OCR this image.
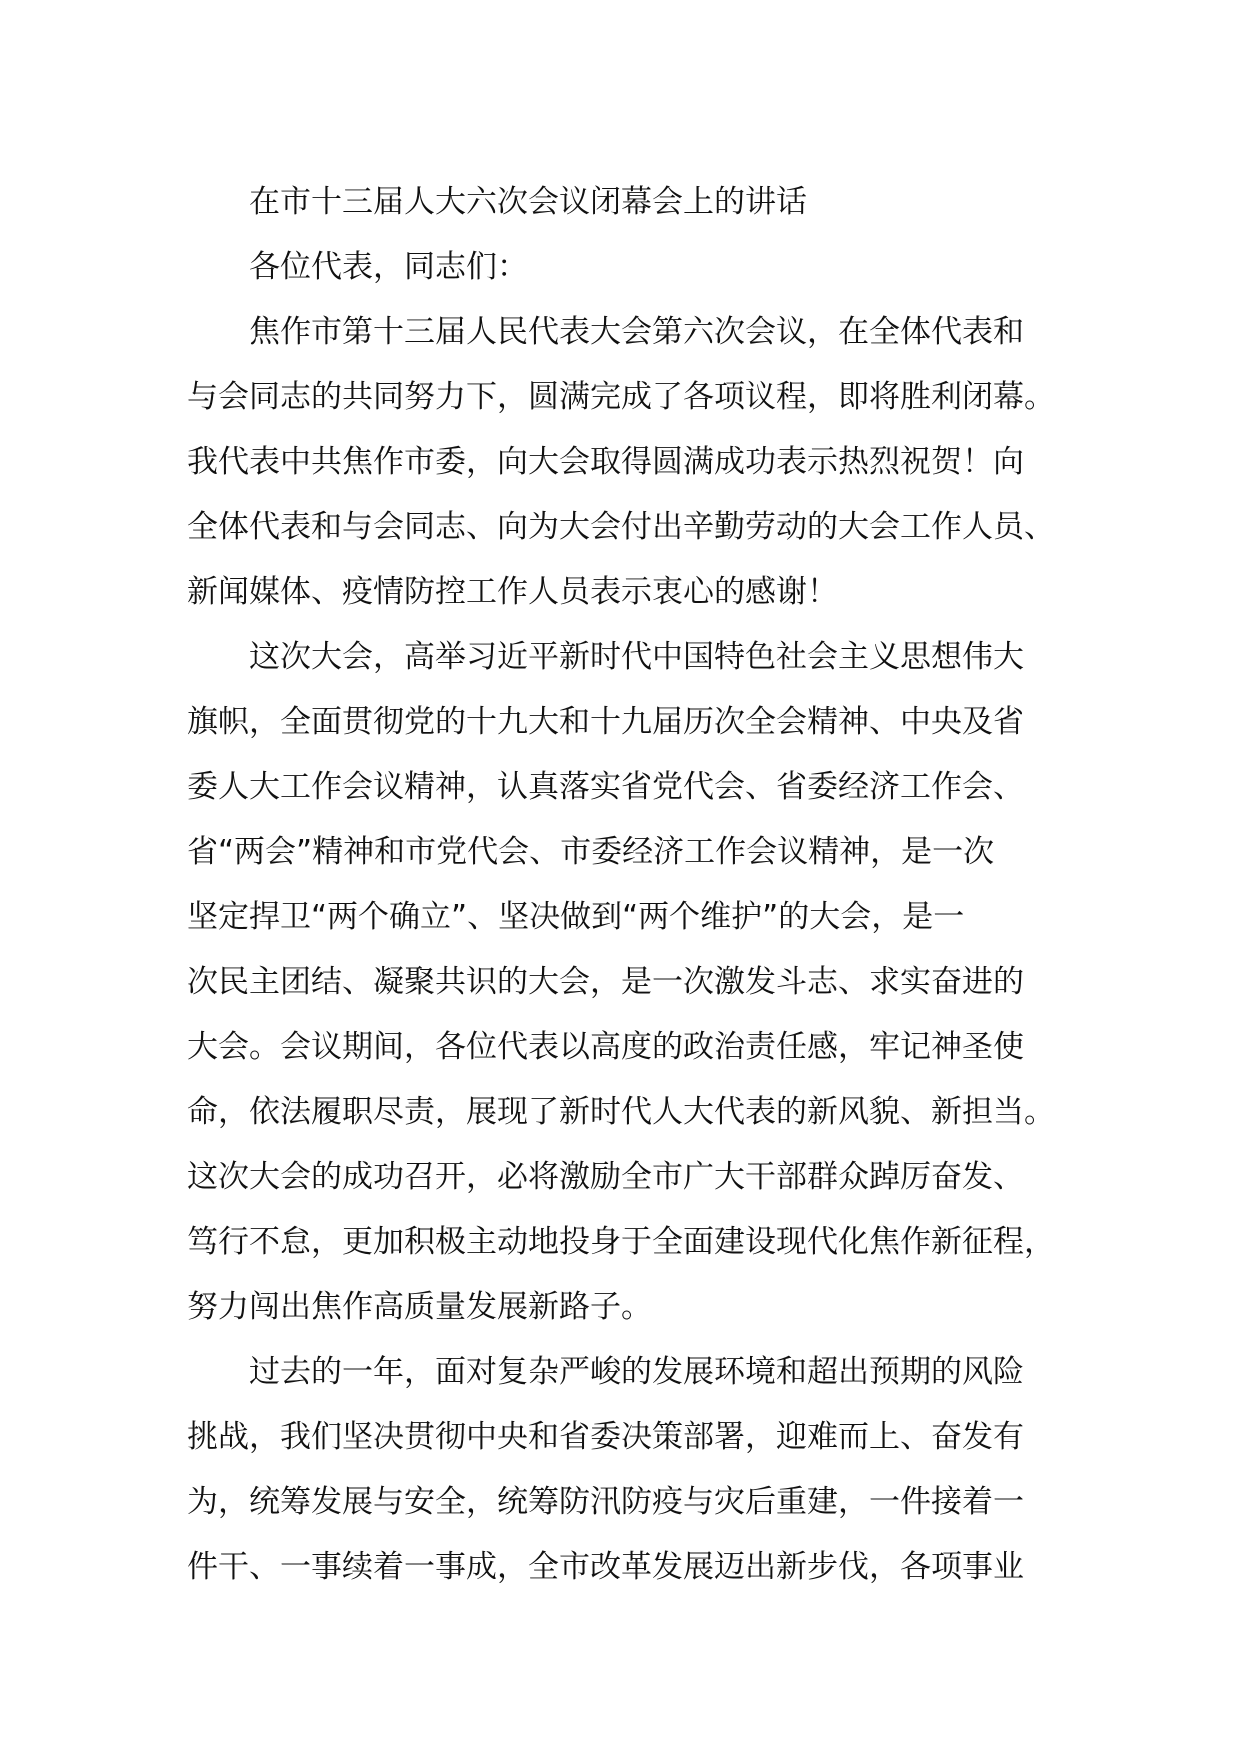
在市十三届人大六次会议闭幕会上的讲话
各位代表，同志们：
焦作市第十三届人民代表大会第六次会议，在全体代表和
与会同志的共同努力下，圆满完成了各项议程，即将胜利闭幕。
我代表中共焦作市委，向大会取得圆满成功表示热烈祝贺！向
全体代表和与会同志、向为大会付出辛勤劳动的大会工作人员、
新闻媒体、疫情防控工作人员表示衷心的感谢！
这次大会，高举习近平新时代中国特色社会主义思想伟大
旗帜，全面贯彻党的十九大和十九届历次全会精神、中央及省
委人大工作会议精神，认真落实省党代会、省委经济工作会、
省“两会”精神和市党代会、市委经济工作会议精神，是一次
坚定捍卫“两个确立”、坚决做到“两个维护”的大会，是一
次民主团结、凝聚共识的大会，是一次激发斗志、求实奋进的
大会。会议期间，各位代表以高度的政治责任感，牢记神圣使
命，依法履职尽责，展现了新时代人大代表的新风貌、新担当。
这次大会的成功召开，必将激励全市广大干部群众踔厉奋发、
笃行不怠，更加积极主动地投身于全面建设现代化焦作新征程，
努力闯出焦作高质量发展新路子。
过去的一年，面对复杂严峻的发展环境和超出预期的风险
挑战，我们坚决贯彻中央和省委决策部署，迎难而上、奋发有
为，统筹发展与安全，统筹防汛防疫与灾后重建，一件接着一
件干、一事续着一事成，全市改革发展迈出新步伐，各项事业
